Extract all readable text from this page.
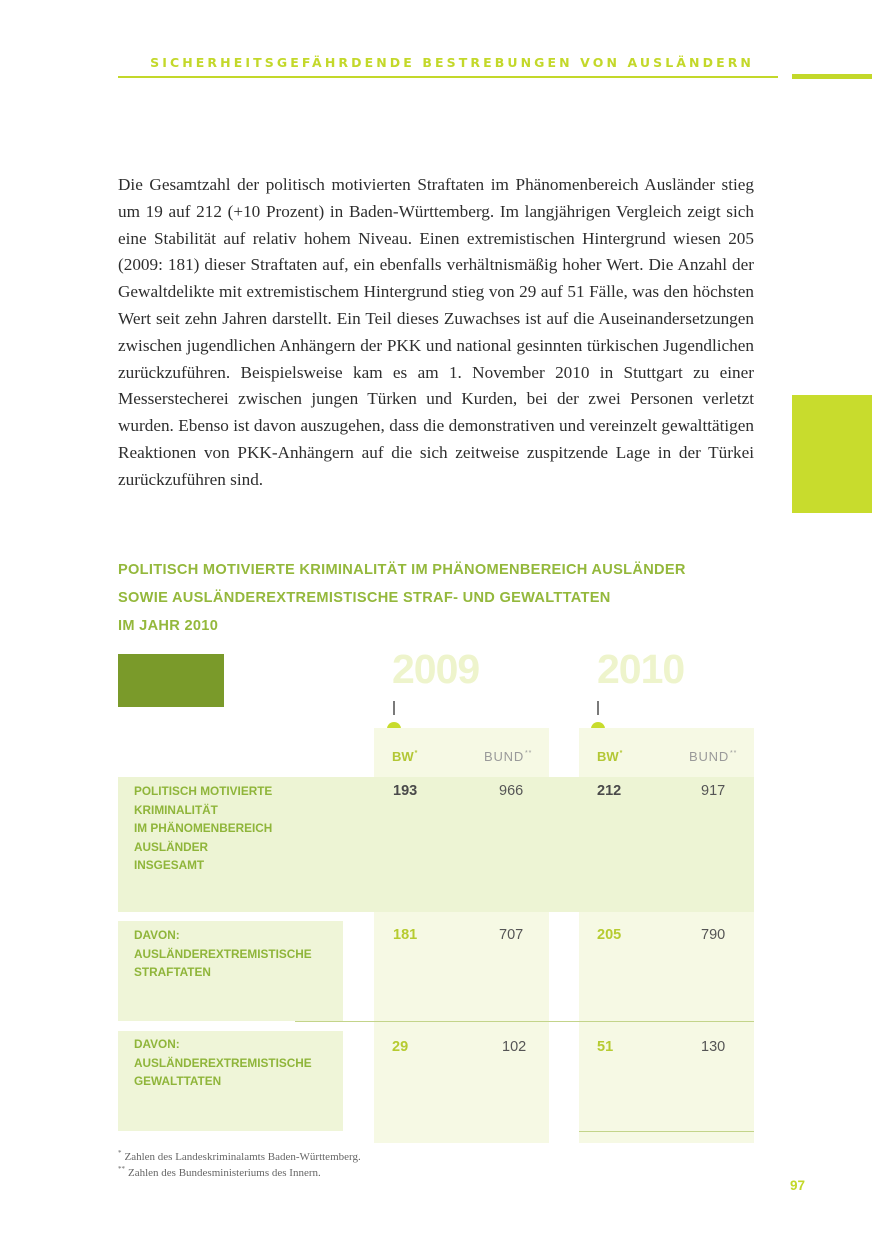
SICHERHEITSGEFÄHRDENDE BESTREBUNGEN VON AUSLÄNDERN

Die Gesamtzahl der politisch motivierten Straftaten im Phänomenbereich Ausländer stieg um 19 auf 212 (+10 Prozent) in Baden-Württemberg. Im langjährigen Vergleich zeigt sich eine Stabilität auf relativ hohem Niveau. Einen extremistischen Hintergrund wiesen 205 (2009: 181) dieser Straftaten auf, ein ebenfalls verhältnismäßig hoher Wert. Die Anzahl der Gewaltdelikte mit extremistischem Hintergrund stieg von 29 auf 51 Fälle, was den höchsten Wert seit zehn Jahren darstellt. Ein Teil dieses Zuwachses ist auf die Auseinandersetzungen zwischen jugendlichen Anhängern der PKK und national gesinnten türkischen Jugendlichen zurückzuführen. Beispielsweise kam es am 1. November 2010 in Stuttgart zu einer Messerstecherei zwischen jungen Türken und Kurden, bei der zwei Personen verletzt wurden. Ebenso ist davon auszugehen, dass die demonstrativen und vereinzelt gewalttätigen Reaktionen von PKK-Anhängern auf die sich zeitweise zuspitzende Lage in der Türkei zurückzuführen sind.

POLITISCH MOTIVIERTE KRIMINALITÄT IM PHÄNOMENBEREICH AUSLÄNDER
SOWIE AUSLÄNDEREXTREMISTISCHE STRAF- UND GEWALTTATEN
IM JAHR 2010
2009	2010
BW*	BUND**	BW*	BUND**
POLITISCH MOTIVIERTE
KRIMINALITÄT
IM PHÄNOMENBEREICH
AUSLÄNDER
INSGESAMT
193	966	212	917
DAVON:
AUSLÄNDEREXTREMISTISCHE
STRAFTATEN
181	707	205	790
DAVON:
AUSLÄNDEREXTREMISTISCHE
GEWALTTATEN
29	102	51	130
* Zahlen des Landeskriminalamts Baden-Württemberg.
** Zahlen des Bundesministeriums des Innern.
97
